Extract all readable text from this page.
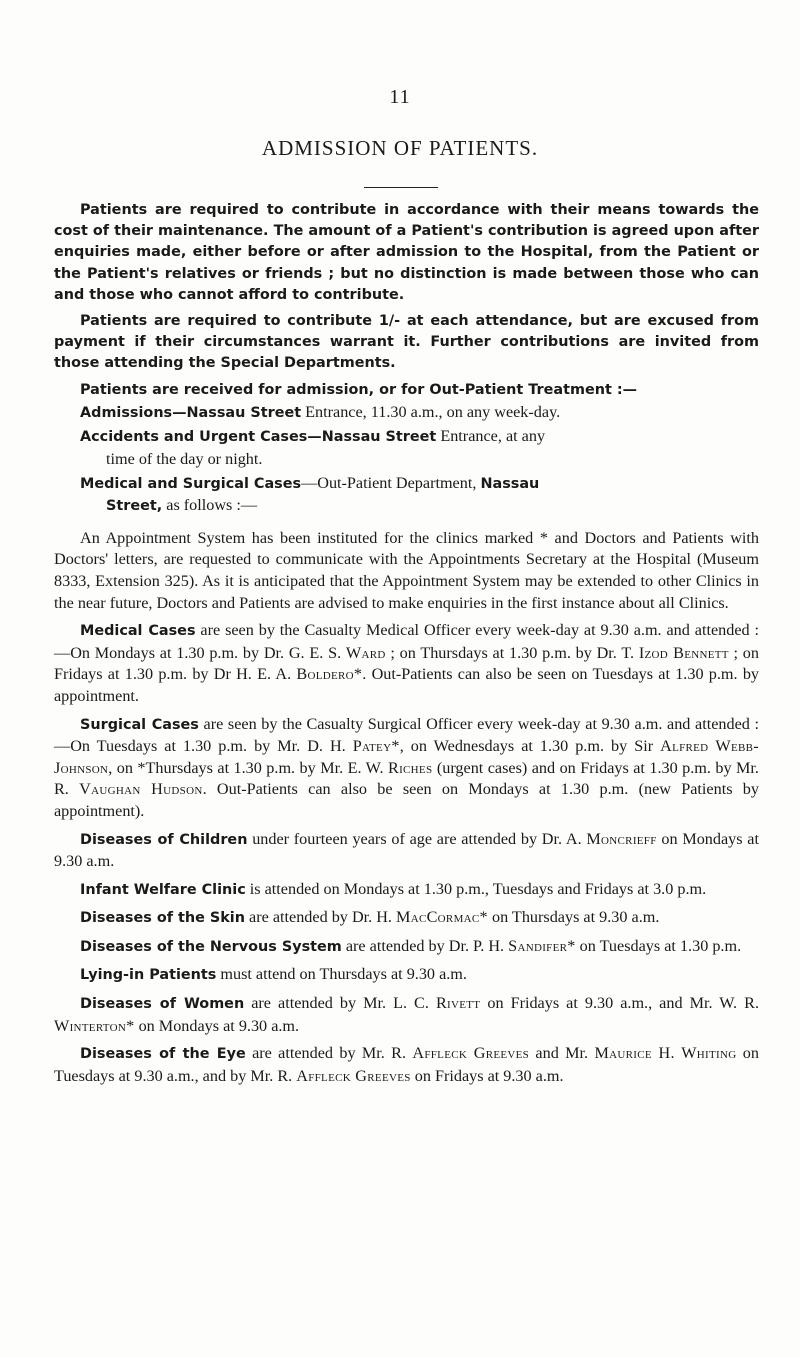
11
ADMISSION OF PATIENTS.

Patients are required to contribute in accordance with their means towards the cost of their maintenance. The amount of a Patient's contribution is agreed upon after enquiries made, either before or after admission to the Hospital, from the Patient or the Patient's relatives or friends ; but no distinction is made between those who can and those who cannot afford to contribute.

Patients are required to contribute 1/- at each attendance, but are excused from payment if their circumstances warrant it. Further contributions are invited from those attending the Special Departments.

Patients are received for admission, or for Out-Patient Treatment :—

Admissions—Nassau Street Entrance, 11.30 a.m., on any week-day.
Accidents and Urgent Cases—Nassau Street Entrance, at any
time of the day or night.
Medical and Surgical Cases—Out-Patient Department, Nassau
Street, as follows :—

An Appointment System has been instituted for the clinics marked * and Doctors and Patients with Doctors' letters, are requested to communicate with the Appointments Secretary at the Hospital (Museum 8333, Extension 325). As it is anticipated that the Appointment System may be extended to other Clinics in the near future, Doctors and Patients are advised to make enquiries in the first instance about all Clinics.

Medical Cases are seen by the Casualty Medical Officer every week-day at 9.30 a.m. and attended :—On Mondays at 1.30 p.m. by Dr. G. E. S. Ward ; on Thursdays at 1.30 p.m. by Dr. T. Izod Bennett ; on Fridays at 1.30 p.m. by Dr H. E. A. Boldero*. Out-Patients can also be seen on Tuesdays at 1.30 p.m. by appointment.

Surgical Cases are seen by the Casualty Surgical Officer every week-day at 9.30 a.m. and attended :—On Tuesdays at 1.30 p.m. by Mr. D. H. Patey*, on Wednesdays at 1.30 p.m. by Sir Alfred Webb-Johnson, on *Thursdays at 1.30 p.m. by Mr. E. W. Riches (urgent cases) and on Fridays at 1.30 p.m. by Mr. R. Vaughan Hudson. Out-Patients can also be seen on Mondays at 1.30 p.m. (new Patients by appointment).

Diseases of Children under fourteen years of age are attended by Dr. A. Moncrieff on Mondays at 9.30 a.m.

Infant Welfare Clinic is attended on Mondays at 1.30 p.m., Tuesdays and Fridays at 3.0 p.m.

Diseases of the Skin are attended by Dr. H. MacCormac* on Thursdays at 9.30 a.m.

Diseases of the Nervous System are attended by Dr. P. H. Sandifer* on Tuesdays at 1.30 p.m.

Lying-in Patients must attend on Thursdays at 9.30 a.m.

Diseases of Women are attended by Mr. L. C. Rivett on Fridays at 9.30 a.m., and Mr. W. R. Winterton* on Mondays at 9.30 a.m.

Diseases of the Eye are attended by Mr. R. Affleck Greeves and Mr. Maurice H. Whiting on Tuesdays at 9.30 a.m., and by Mr. R. Affleck Greeves on Fridays at 9.30 a.m.
